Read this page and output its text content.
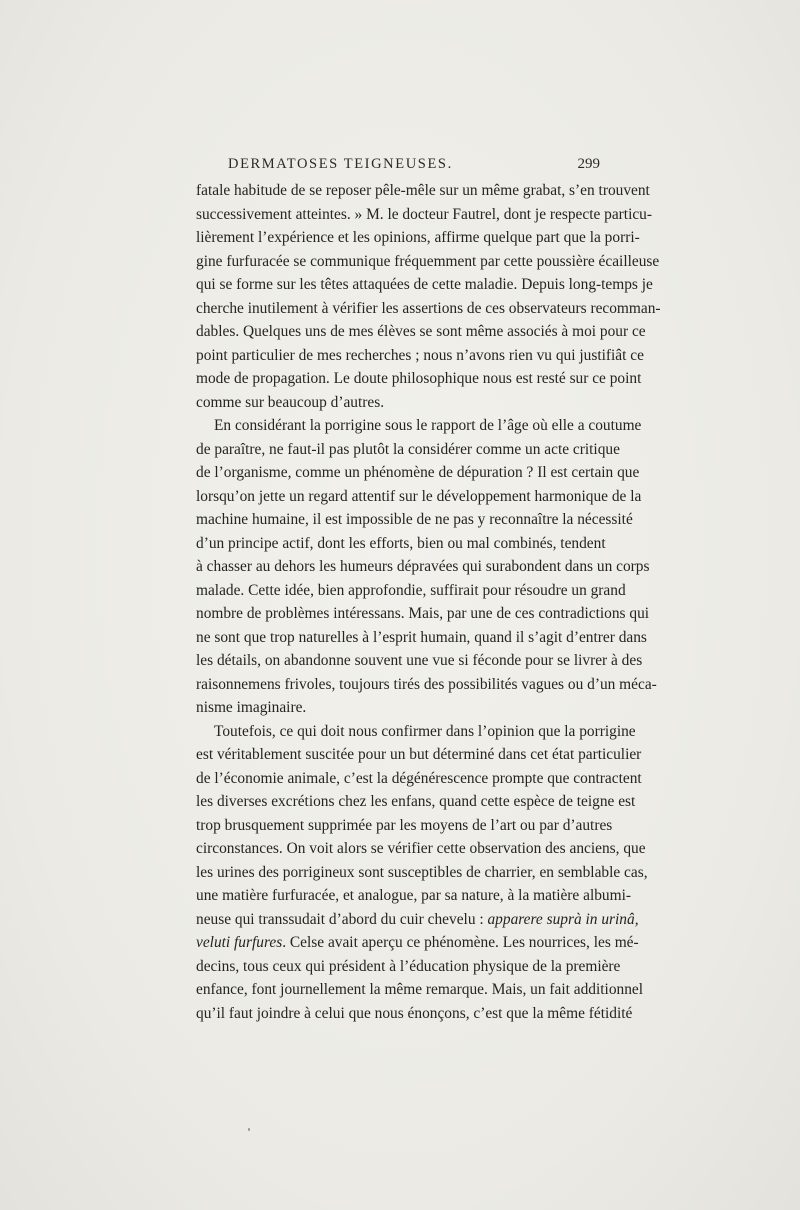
DERMATOSES TEIGNEUSES.	299

fatale habitude de se reposer pêle-mêle sur un même grabat, s’en trouvent
successivement atteintes. » M. le docteur Fautrel, dont je respecte particu-
lièrement l’expérience et les opinions, affirme quelque part que la porri-
gine furfuracée se communique fréquemment par cette poussière écailleuse
qui se forme sur les têtes attaquées de cette maladie. Depuis long-temps je
cherche inutilement à vérifier les assertions de ces observateurs recomman-
dables. Quelques uns de mes élèves se sont même associés à moi pour ce
point particulier de mes recherches ; nous n’avons rien vu qui justifiât ce
mode de propagation. Le doute philosophique nous est resté sur ce point
comme sur beaucoup d’autres.

En considérant la porrigine sous le rapport de l’âge où elle a coutume
de paraître, ne faut-il pas plutôt la considérer comme un acte critique
de l’organisme, comme un phénomène de dépuration ? Il est certain que
lorsqu’on jette un regard attentif sur le développement harmonique de la
machine humaine, il est impossible de ne pas y reconnaître la nécessité
d’un principe actif, dont les efforts, bien ou mal combinés, tendent
à chasser au dehors les humeurs dépravées qui surabondent dans un corps
malade. Cette idée, bien approfondie, suffirait pour résoudre un grand
nombre de problèmes intéressans. Mais, par une de ces contradictions qui
ne sont que trop naturelles à l’esprit humain, quand il s’agit d’entrer dans
les détails, on abandonne souvent une vue si féconde pour se livrer à des
raisonnemens frivoles, toujours tirés des possibilités vagues ou d’un méca-
nisme imaginaire.

Toutefois, ce qui doit nous confirmer dans l’opinion que la porrigine
est véritablement suscitée pour un but déterminé dans cet état particulier
de l’économie animale, c’est la dégénérescence prompte que contractent
les diverses excrétions chez les enfans, quand cette espèce de teigne est
trop brusquement supprimée par les moyens de l’art ou par d’autres
circonstances. On voit alors se vérifier cette observation des anciens, que
les urines des porrigineux sont susceptibles de charrier, en semblable cas,
une matière furfuracée, et analogue, par sa nature, à la matière albumi-
neuse qui transsudait d’abord du cuir chevelu : apparere suprà in urinâ,
veluti furfures. Celse avait aperçu ce phénomène. Les nourrices, les mé-
decins, tous ceux qui président à l’éducation physique de la première
enfance, font journellement la même remarque. Mais, un fait additionnel
qu’il faut joindre à celui que nous énonçons, c’est que la même fétidité
